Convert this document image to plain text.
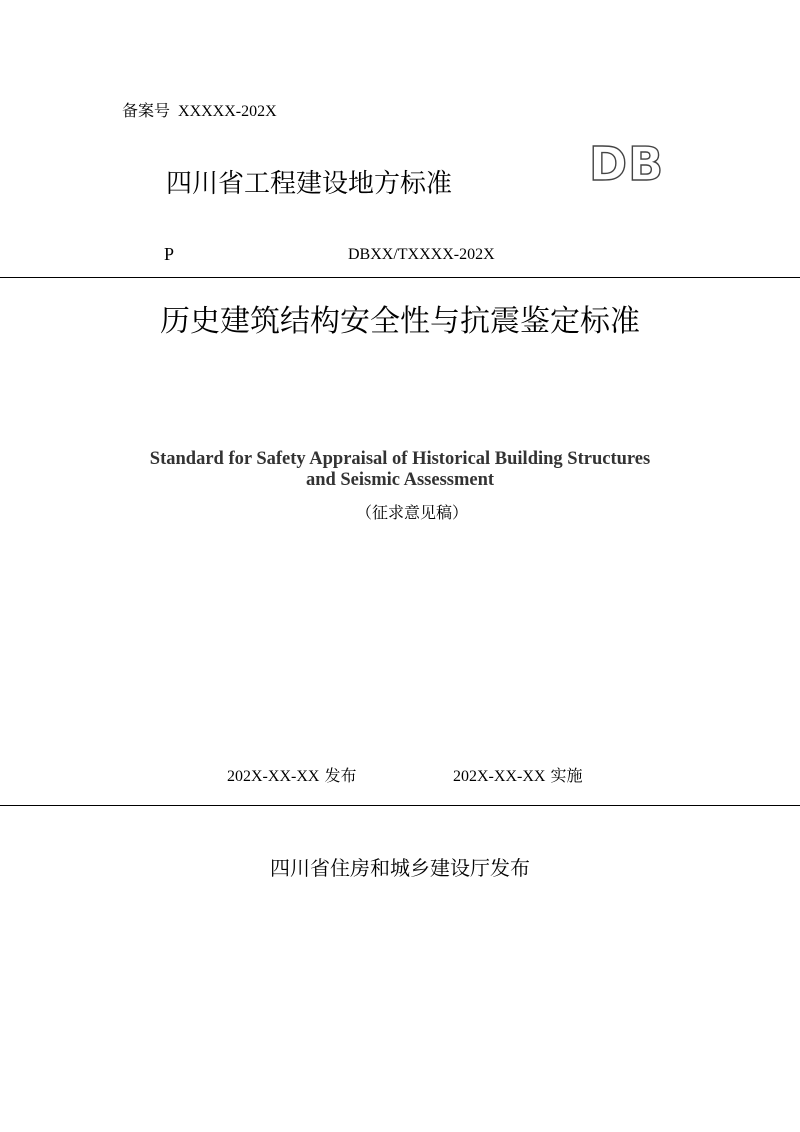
备案号 XXXXX-202X
四川省工程建设地方标准	DB
P	DBXX/TXXXX-202X
历史建筑结构安全性与抗震鉴定标准
Standard for Safety Appraisal of Historical Building Structures
and Seismic Assessment
（征求意见稿）
202X-XX-XX 发布	202X-XX-XX 实施
四川省住房和城乡建设厅发布
